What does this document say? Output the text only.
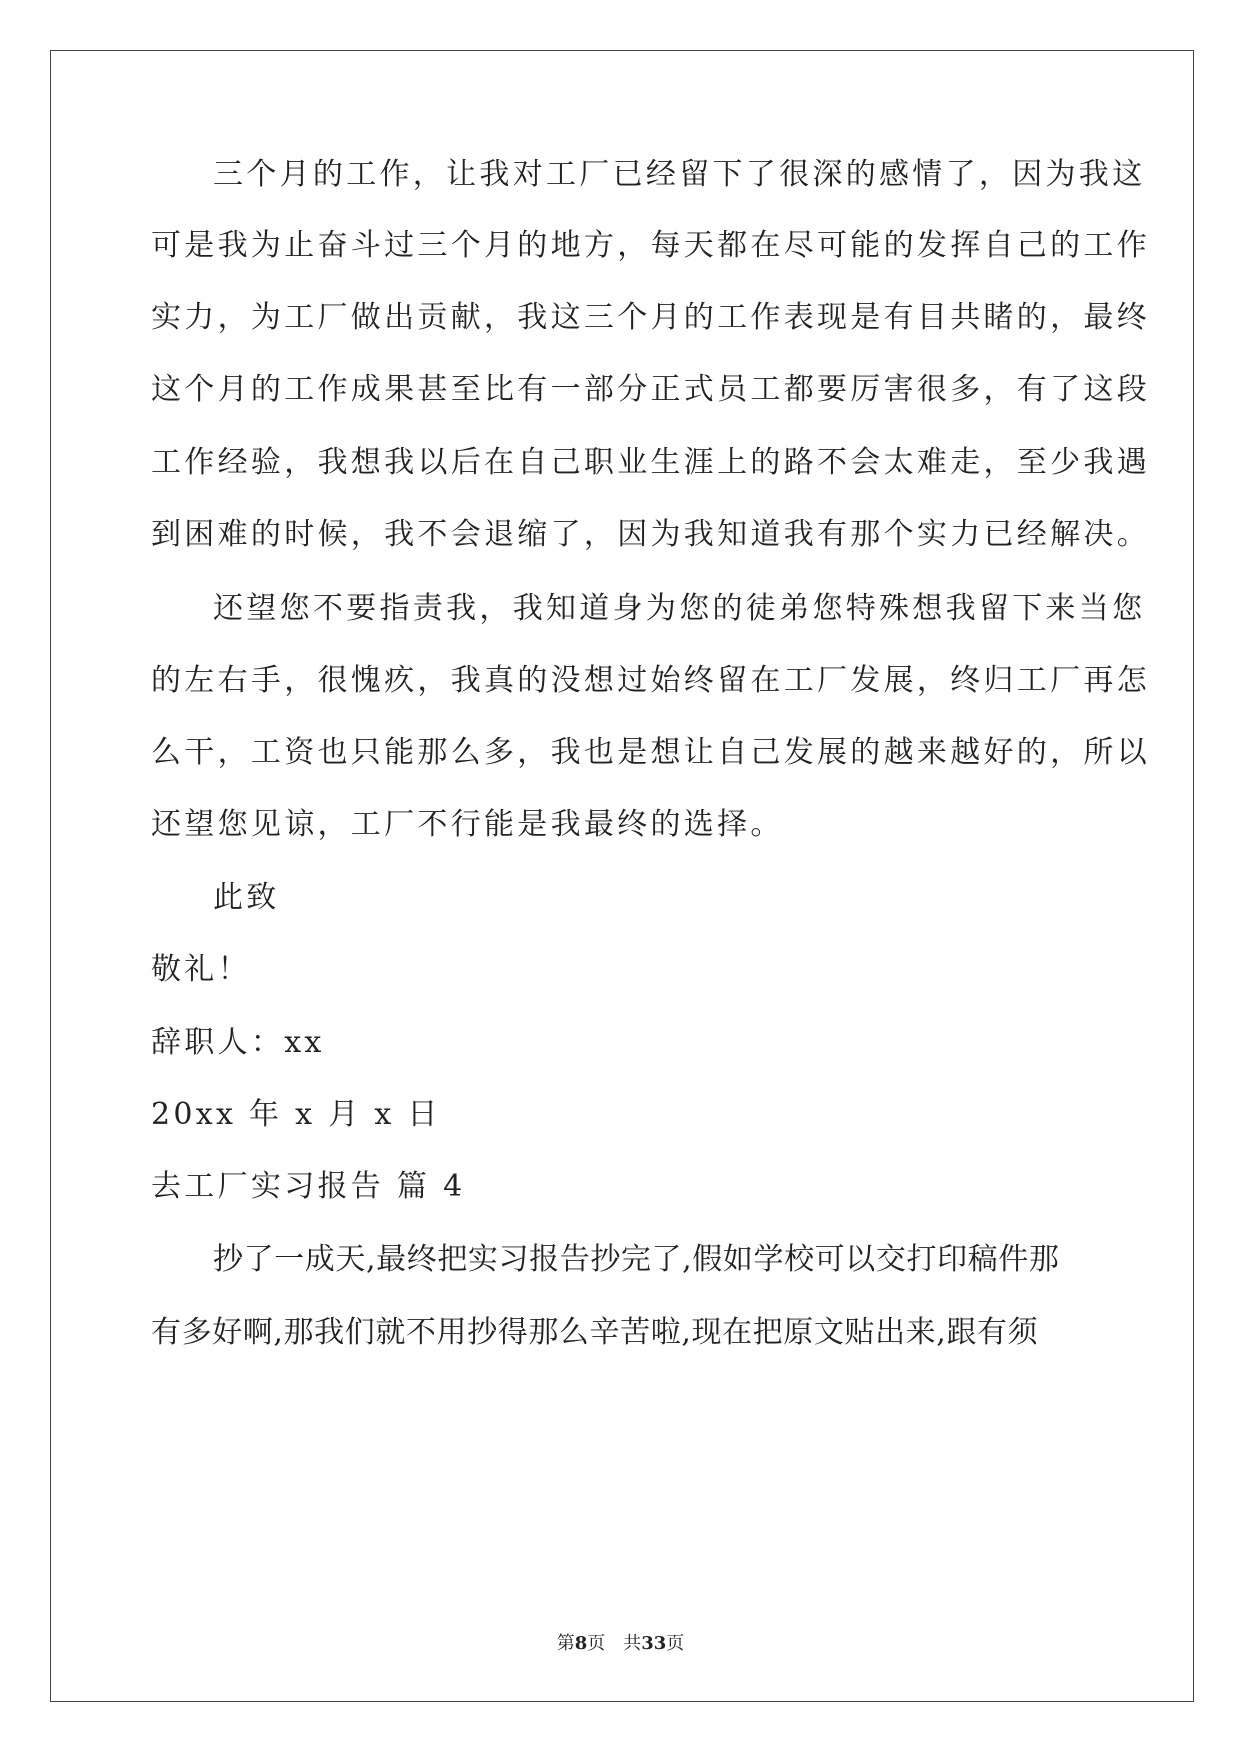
三个月的工作，让我对工厂已经留下了很深的感情了，因为我这
可是我为止奋斗过三个月的地方，每天都在尽可能的发挥自己的工作
实力，为工厂做出贡献，我这三个月的工作表现是有目共睹的，最终
这个月的工作成果甚至比有一部分正式员工都要厉害很多，有了这段
工作经验，我想我以后在自己职业生涯上的路不会太难走，至少我遇
到困难的时候，我不会退缩了，因为我知道我有那个实力已经解决。
还望您不要指责我，我知道身为您的徒弟您特殊想我留下来当您
的左右手，很愧疚，我真的没想过始终留在工厂发展，终归工厂再怎
么干，工资也只能那么多，我也是想让自己发展的越来越好的，所以
还望您见谅，工厂不行能是我最终的选择。
此致
敬礼！
辞职人：xx
20xx 年 x 月 x 日
去工厂实习报告 篇 4
抄了一成天,最终把实习报告抄完了,假如学校可以交打印稿件那
有多好啊,那我们就不用抄得那么辛苦啦,现在把原文贴出来,跟有须
第8页　共33页
